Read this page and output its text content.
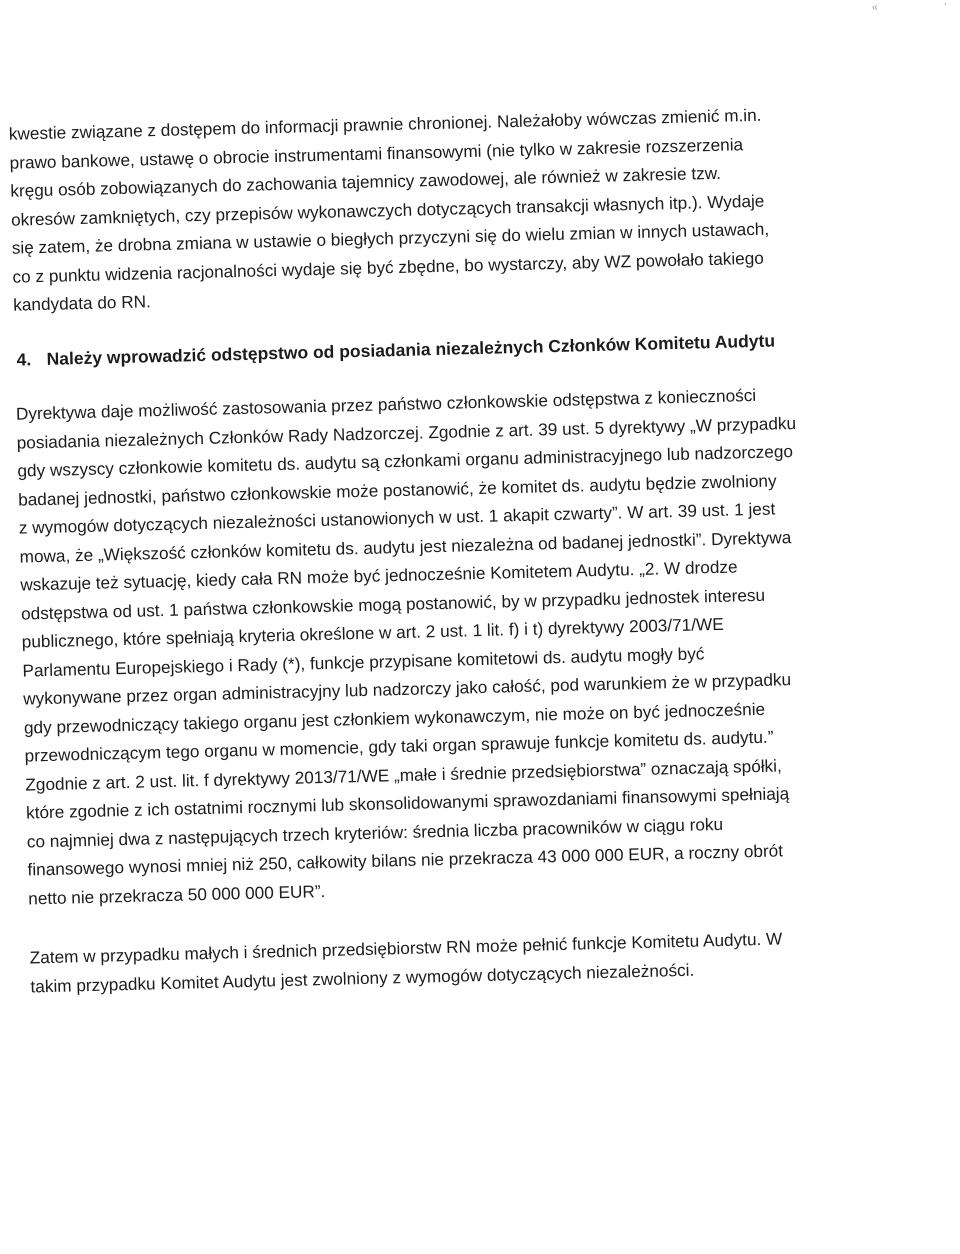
«	’
kwestie związane z dostępem do informacji prawnie chronionej. Należałoby wówczas zmienić m.in.
prawo bankowe, ustawę o obrocie instrumentami finansowymi (nie tylko w zakresie rozszerzenia
kręgu osób zobowiązanych do zachowania tajemnicy zawodowej, ale również w zakresie tzw.
okresów zamkniętych, czy przepisów wykonawczych dotyczących transakcji własnych itp.). Wydaje
się zatem, że drobna zmiana w ustawie o biegłych przyczyni się do wielu zmian w innych ustawach,
co z punktu widzenia racjonalności wydaje się być zbędne, bo wystarczy, aby WZ powołało takiego
kandydata do RN.
4. Należy wprowadzić odstępstwo od posiadania niezależnych Członków Komitetu Audytu
Dyrektywa daje możliwość zastosowania przez państwo członkowskie odstępstwa z konieczności
posiadania niezależnych Członków Rady Nadzorczej. Zgodnie z art. 39 ust. 5 dyrektywy „W przypadku
gdy wszyscy członkowie komitetu ds. audytu są członkami organu administracyjnego lub nadzorczego
badanej jednostki, państwo członkowskie może postanowić, że komitet ds. audytu będzie zwolniony
z wymogów dotyczących niezależności ustanowionych w ust. 1 akapit czwarty”. W art. 39 ust. 1 jest
mowa, że „Większość członków komitetu ds. audytu jest niezależna od badanej jednostki”. Dyrektywa
wskazuje też sytuację, kiedy cała RN może być jednocześnie Komitetem Audytu. „2. W drodze
odstępstwa od ust. 1 państwa członkowskie mogą postanowić, by w przypadku jednostek interesu
publicznego, które spełniają kryteria określone w art. 2 ust. 1 lit. f) i t) dyrektywy 2003/71/WE
Parlamentu Europejskiego i Rady (*), funkcje przypisane komitetowi ds. audytu mogły być
wykonywane przez organ administracyjny lub nadzorczy jako całość, pod warunkiem że w przypadku
gdy przewodniczący takiego organu jest członkiem wykonawczym, nie może on być jednocześnie
przewodniczącym tego organu w momencie, gdy taki organ sprawuje funkcje komitetu ds. audytu.”
Zgodnie z art. 2 ust. lit. f dyrektywy 2013/71/WE „małe i średnie przedsiębiorstwa” oznaczają spółki,
które zgodnie z ich ostatnimi rocznymi lub skonsolidowanymi sprawozdaniami finansowymi spełniają
co najmniej dwa z następujących trzech kryteriów: średnia liczba pracowników w ciągu roku
finansowego wynosi mniej niż 250, całkowity bilans nie przekracza 43 000 000 EUR, a roczny obrót
netto nie przekracza 50 000 000 EUR”.
Zatem w przypadku małych i średnich przedsiębiorstw RN może pełnić funkcje Komitetu Audytu. W
takim przypadku Komitet Audytu jest zwolniony z wymogów dotyczących niezależności.
